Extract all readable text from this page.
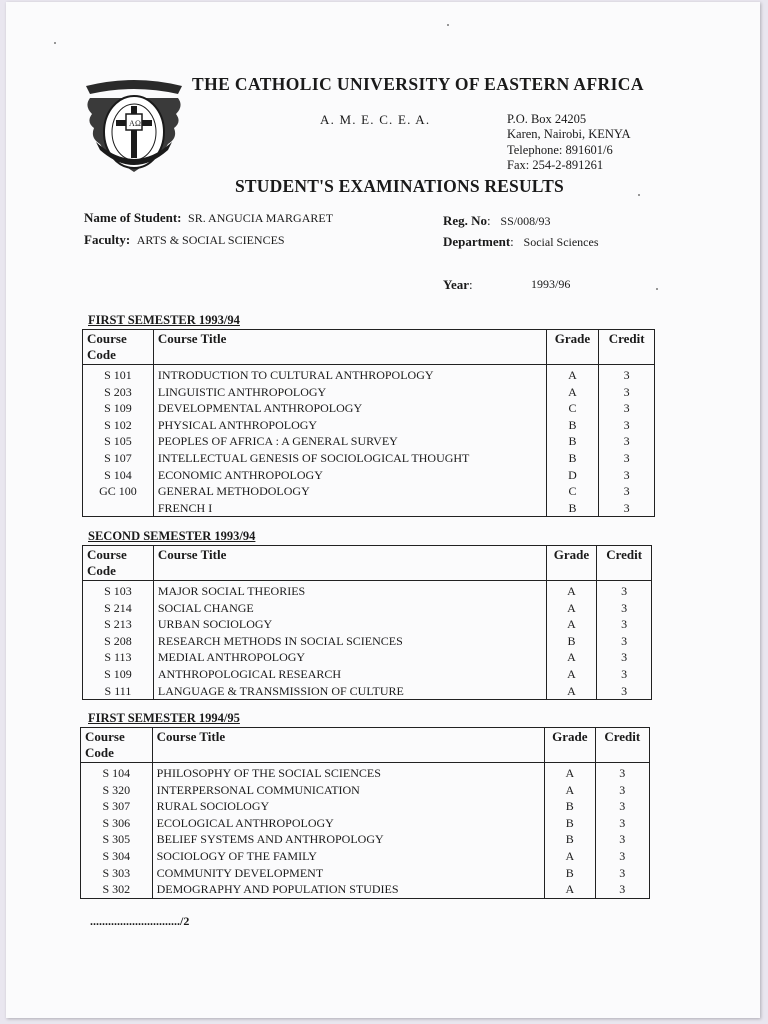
A Ω
THE CATHOLIC UNIVERSITY OF EASTERN AFRICA
A. M. E. C. E. A.	P.O. Box 24205
Karen, Nairobi, KENYA
Telephone: 891601/6
Fax: 254-2-891261
STUDENT'S EXAMINATIONS RESULTS
Name of Student: SR. ANGUCIA MARGARET
Faculty: ARTS & SOCIAL SCIENCES
Reg. No:   SS/008/93
Department:   Social Sciences
Year:	1993/96
FIRST SEMESTER 1993/94
Course
Code	Course Title	Grade	Credit
S 101	INTRODUCTION TO CULTURAL ANTHROPOLOGY	A	3
S 203	LINGUISTIC ANTHROPOLOGY	A	3
S 109	DEVELOPMENTAL ANTHROPOLOGY	C	3
S 102	PHYSICAL ANTHROPOLOGY	B	3
S 105	PEOPLES OF AFRICA : A GENERAL SURVEY	B	3
S 107	INTELLECTUAL GENESIS OF SOCIOLOGICAL THOUGHT	B	3
S 104	ECONOMIC ANTHROPOLOGY	D	3
GC 100	GENERAL METHODOLOGY	C	3
	FRENCH I	B	3
SECOND SEMESTER 1993/94
Course
Code	Course Title	Grade	Credit
S 103	MAJOR SOCIAL THEORIES	A	3
S 214	SOCIAL CHANGE	A	3
S 213	URBAN SOCIOLOGY	A	3
S 208	RESEARCH METHODS IN SOCIAL SCIENCES	B	3
S 113	MEDIAL ANTHROPOLOGY	A	3
S 109	ANTHROPOLOGICAL RESEARCH	A	3
S 111	LANGUAGE & TRANSMISSION OF CULTURE	A	3
FIRST SEMESTER 1994/95
Course
Code	Course Title	Grade	Credit
S 104	PHILOSOPHY OF THE SOCIAL SCIENCES	A	3
S 320	INTERPERSONAL COMMUNICATION	A	3
S 307	RURAL SOCIOLOGY	B	3
S 306	ECOLOGICAL ANTHROPOLOGY	B	3
S 305	BELIEF SYSTEMS AND ANTHROPOLOGY	B	3
S 304	SOCIOLOGY OF THE FAMILY	A	3
S 303	COMMUNITY DEVELOPMENT	B	3
S 302	DEMOGRAPHY AND POPULATION STUDIES	A	3
............................../2
